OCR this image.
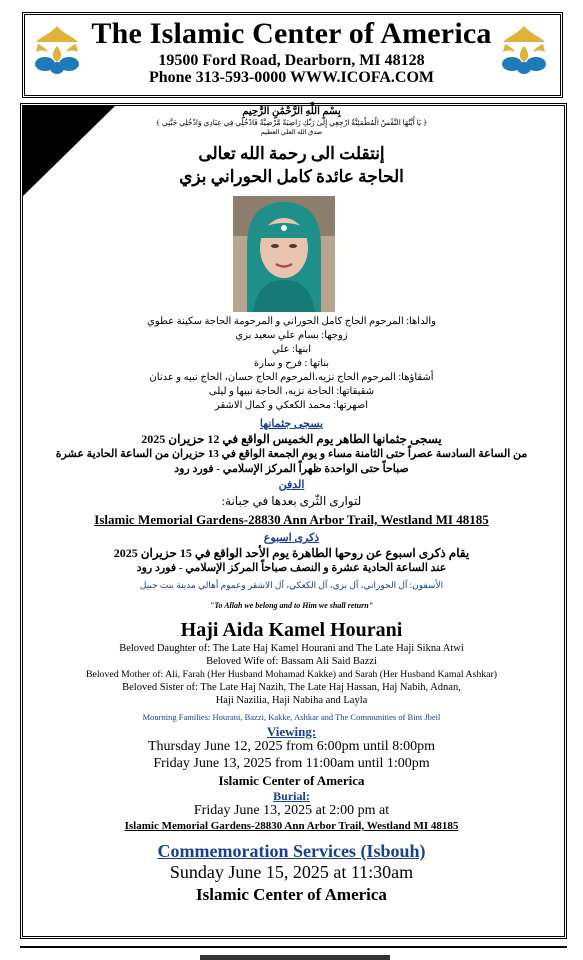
The Islamic Center of America
19500 Ford Road, Dearborn, MI 48128
Phone 313-593-0000 WWW.ICOFA.COM
بِسْمِ اللَّهِ الرَّحْمَٰنِ الرَّحِيمِ
﴿ يَا أَيَّتُهَا النَّفْسُ الْمُطْمَئِنَّةُ ارْجِعِي إِلَىٰ رَبِّكِ رَاضِيَةً مَّرْضِيَّةً فَادْخُلِي فِي عِبَادِي وَادْخُلِي جَنَّتِي ﴾
صدق الله العلي العظيم
إنتقلت الى رحمة الله تعالى
الحاجة عائدة كامل الحوراني بزي
والداها: المرحوم الحاج كامل الحوراني و المرحومة الحاجة سكينة عطوي
زوجها: بسام علي سعيد بزي
ابنها: علي
بناتها : فرح و سارة
أشقاؤها: المرحوم الحاج نزيه،المرحوم الحاج حسان، الحاج نبيه و عدنان
شقيقاتها: الحاجة نزيه، الحاجة نبيها و ليلى
اصهرتها: محمد الكعكي و كمال الاشقر
يسجى جثمانها
يسجى جثمانها الطاهر يوم الخميس الواقع في 12 حزيران 2025
من الساعة السادسة عصراً حتى الثامنة مساء و يوم الجمعة الواقع في 13 حزيران من الساعة الحادية عشرة
صباحاً حتى الواحدة ظهراً المركز الإسلامي - فورد رود
الدفن
لتوارى الثّرى بعدها في جبانة:
Islamic Memorial Gardens-28830 Ann Arbor Trail, Westland MI 48185
ذكرى اسبوع
يقام ذكرى اسبوع عن روحها الطاهرة يوم الأحد الواقع في 15 حزيران 2025
عند الساعة الحادية عشرة و النصف صباحاً المركز الإسلامي - فورد رود
الأسفون: آل الحوراني، آل بزي، آل الكعكي، آل الاشقر وعموم أهالي مدينة بنت جبيل
"To Allah we belong and to Him we shall return"
Haji Aida Kamel Hourani
Beloved Daughter of: The Late Haj Kamel Hourani and The Late Haji Sikna Atwi
Beloved Wife of: Bassam Ali Said Bazzi
Beloved Mother of: Ali, Farah (Her Husband Mohamad Kakke) and Sarah (Her Husband Kamal Ashkar)
Beloved Sister of: The Late Haj Nazih, The Late Haj Hassan, Haj Nabih, Adnan,
Haji Nazilia, Haji Nabiha and Layla
Mourning Families: Hourani, Bazzi, Kakke, Ashkar and The Communities of Bint Jbeil
Viewing:
Thursday June 12, 2025 from 6:00pm until 8:00pm
Friday June 13, 2025 from 11:00am until 1:00pm
Islamic Center of America
Burial:
Friday June 13, 2025 at 2:00 pm at
Islamic Memorial Gardens-28830 Ann Arbor Trail, Westland MI 48185
Commemoration Services (Isbouh)
Sunday June 15, 2025 at 11:30am
Islamic Center of America
